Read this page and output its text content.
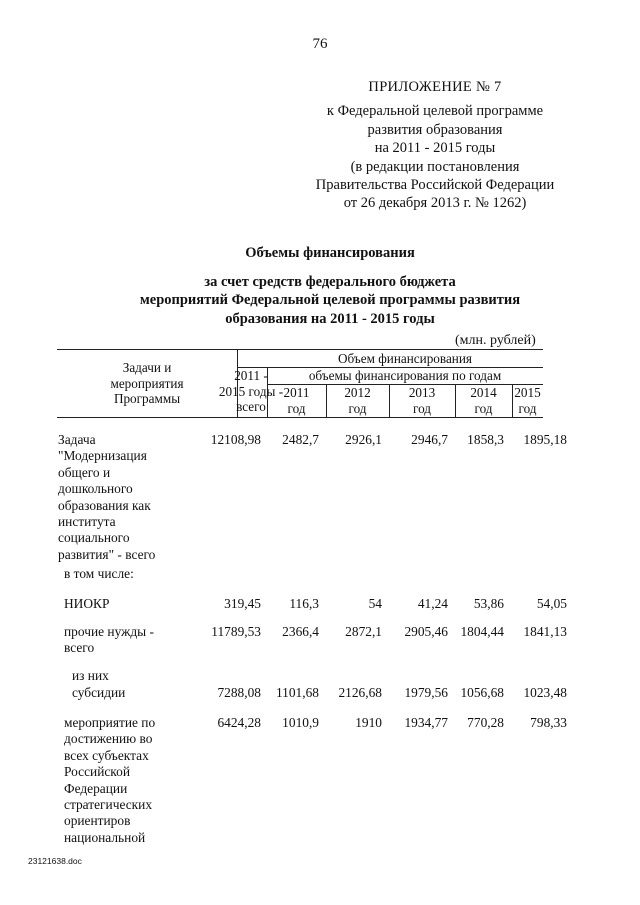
76
ПРИЛОЖЕНИЕ № 7
к Федеральной целевой программе
развития образования
на 2011 - 2015 годы
(в редакции постановления
Правительства Российской Федерации
от 26 декабря 2013 г. № 1262)
Объемы финансирования
за счет средств федерального бюджета
мероприятий Федеральной целевой программы развития
образования на 2011 - 2015 годы
(млн. рублей)
Задачи и
мероприятия
Программы
Объем финансирования
2011 -
2015 годы -
всего
объемы финансирования по годам
2011
год
2012
год
2013
год
2014
год
2015
год
Задача
"Модернизация
общего и
дошкольного
образования как
института
социального
развития" - всего
12108,98	2482,7	2926,1	2946,7	1858,3	1895,18
в том числе:
НИОКР	319,45	116,3	54	41,24	53,86	54,05
прочие нужды -
всего
11789,53	2366,4	2872,1	2905,46 1804,44	1841,13
из них
субсидии	7288,08	1101,68	2126,68	1979,56 1056,68	1023,48
мероприятие по
достижению во
всех субъектах
Российской
Федерации
стратегических
ориентиров
национальной
6424,28	1010,9	1910	1934,77	770,28	798,33
23121638.doc
